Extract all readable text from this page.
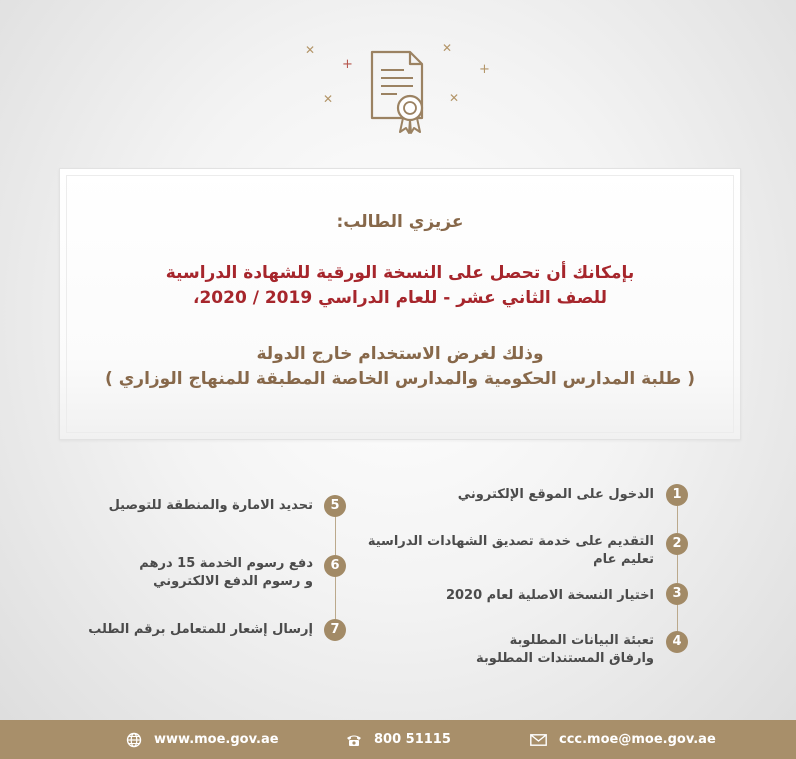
✕
+
✕
✕
+
✕
عزيزي الطالب:
بإمكانك أن تحصل على النسخة الورقية للشهادة الدراسية
للصف الثاني عشر - للعام الدراسي 2019 / 2020،
وذلك لغرض الاستخدام خارج الدولة
( طلبة المدارس الحكومية والمدارس الخاصة المطبقة للمنهاج الوزاري )
1
الدخول على الموقع الإلكتروني
2
التقديم على خدمة تصديق الشهادات الدراسية
تعليم عام
3
اختيار النسخة الاصلية لعام 2020
4
تعبئة البيانات المطلوبة
وارفاق المستندات المطلوبة
5
تحديد الامارة والمنطقة للتوصيل
6
دفع رسوم الخدمة 15 درهم
و رسوم الدفع الالكتروني
7
إرسال إشعار للمتعامل برقم الطلب
www.moe.gov.ae	800 51115	ccc.moe@moe.gov.ae
